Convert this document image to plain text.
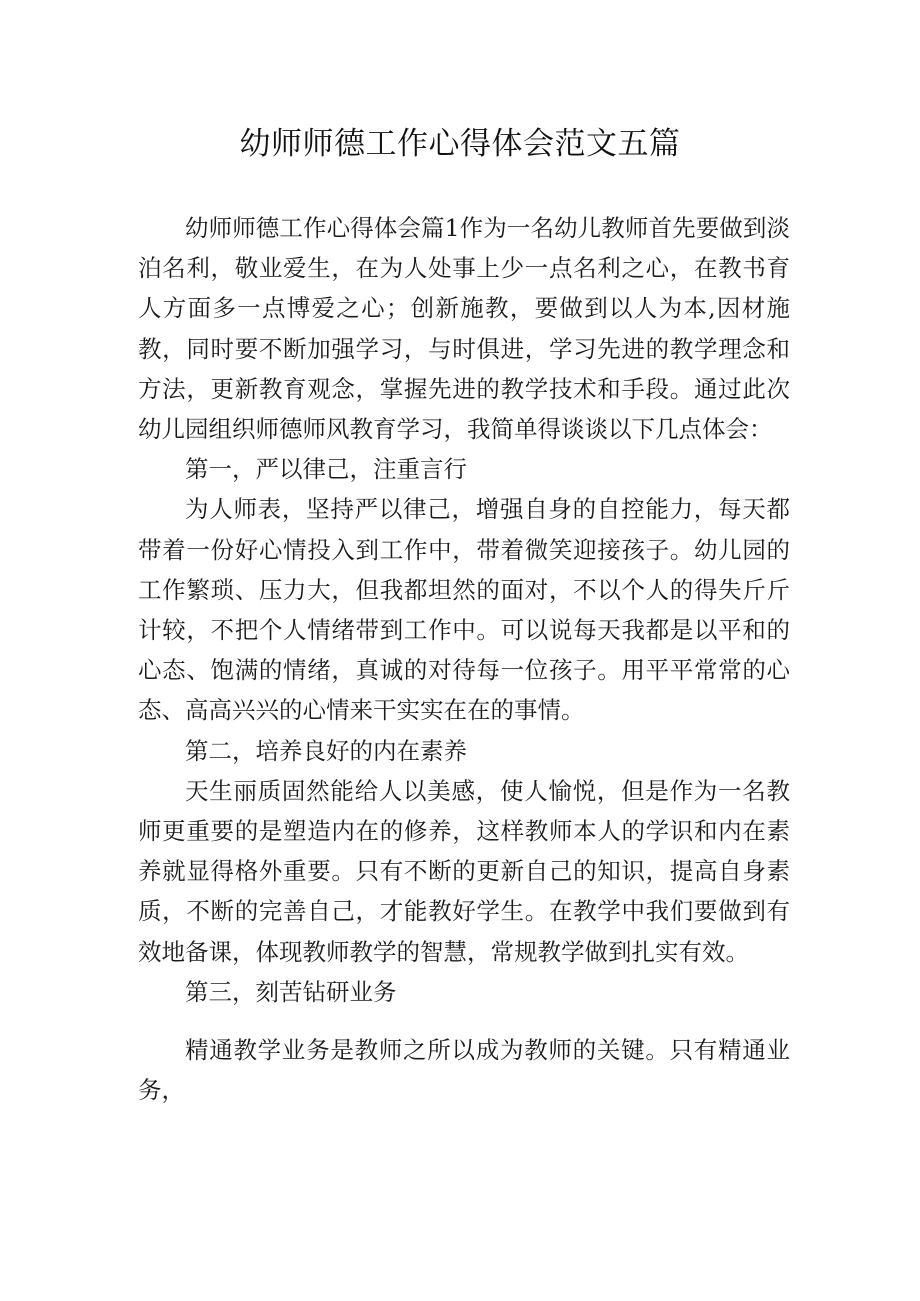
幼师师德工作心得体会范文五篇

幼师师德工作心得体会篇1作为一名幼儿教师首先要做到淡泊名利，敬业爱生，在为人处事上少一点名利之心，在教书育人方面多一点博爱之心；创新施教，要做到以人为本,因材施教，同时要不断加强学习，与时俱进，学习先进的教学理念和方法，更新教育观念，掌握先进的教学技术和手段。通过此次幼儿园组织师德师风教育学习，我简单得谈谈以下几点体会：

第一，严以律己，注重言行

为人师表，坚持严以律己，增强自身的自控能力，每天都带着一份好心情投入到工作中，带着微笑迎接孩子。幼儿园的工作繁琐、压力大，但我都坦然的面对，不以个人的得失斤斤计较，不把个人情绪带到工作中。可以说每天我都是以平和的心态、饱满的情绪，真诚的对待每一位孩子。用平平常常的心态、高高兴兴的心情来干实实在在的事情。

第二，培养良好的内在素养

天生丽质固然能给人以美感，使人愉悦，但是作为一名教师更重要的是塑造内在的修养，这样教师本人的学识和内在素养就显得格外重要。只有不断的更新自己的知识，提高自身素质，不断的完善自己，才能教好学生。在教学中我们要做到有效地备课，体现教师教学的智慧，常规教学做到扎实有效。

第三，刻苦钻研业务

精通教学业务是教师之所以成为教师的关键。只有精通业务，
